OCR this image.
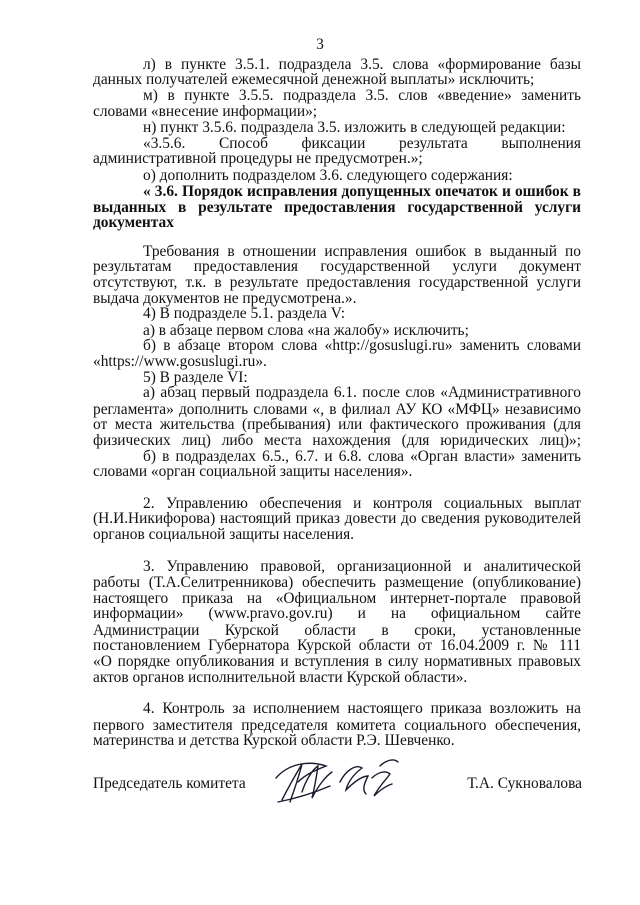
3
л) в пункте 3.5.1. подраздела 3.5. слова «формирование базы
данных получателей ежемесячной денежной выплаты» исключить;
м) в пункте 3.5.5. подраздела 3.5. слов «введение» заменить
словами «внесение информации»;
н) пункт 3.5.6. подраздела 3.5. изложить в следующей редакции:
«3.5.6. Способ фиксации результата выполнения
административной процедуры не предусмотрен.»;
о) дополнить подразделом 3.6. следующего содержания:
« 3.6. Порядок исправления допущенных опечаток и ошибок в
выданных в результате предоставления государственной услуги
документах
Требования в отношении исправления ошибок в выданный по
результатам предоставления государственной услуги документ
отсутствуют, т.к. в результате предоставления государственной услуги
выдача документов не предусмотрена.».
4) В подразделе 5.1. раздела V:
а) в абзаце первом слова «на жалобу» исключить;
б) в абзаце втором слова «http://gosuslugi.ru» заменить словами
«https://www.gosuslugi.ru».
5) В разделе VI:
а) абзац первый подраздела 6.1. после слов «Административного
регламента» дополнить словами «, в филиал АУ КО «МФЦ» независимо
от места жительства (пребывания) или фактического проживания (для
физических лиц) либо места нахождения (для юридических лиц)»;
б) в подразделах 6.5., 6.7. и 6.8. слова «Орган власти» заменить
словами «орган социальной защиты населения».
2. Управлению обеспечения и контроля социальных выплат
(Н.И.Никифорова) настоящий приказ довести до сведения руководителей
органов социальной защиты населения.
3. Управлению правовой, организационной и аналитической
работы (Т.А.Селитренникова) обеспечить размещение (опубликование)
настоящего приказа на «Официальном интернет-портале правовой
информации» (www.pravo.gov.ru) и на официальном сайте
Администрации Курской области в сроки, установленные
постановлением Губернатора Курской области от 16.04.2009 г. № 111
«О порядке опубликования и вступления в силу нормативных правовых
актов органов исполнительной власти Курской области».
4. Контроль за исполнением настоящего приказа возложить на
первого заместителя председателя комитета социального обеспечения,
материнства и детства Курской области Р.Э. Шевченко.
Председатель комитета	Т.А. Сукновалова
